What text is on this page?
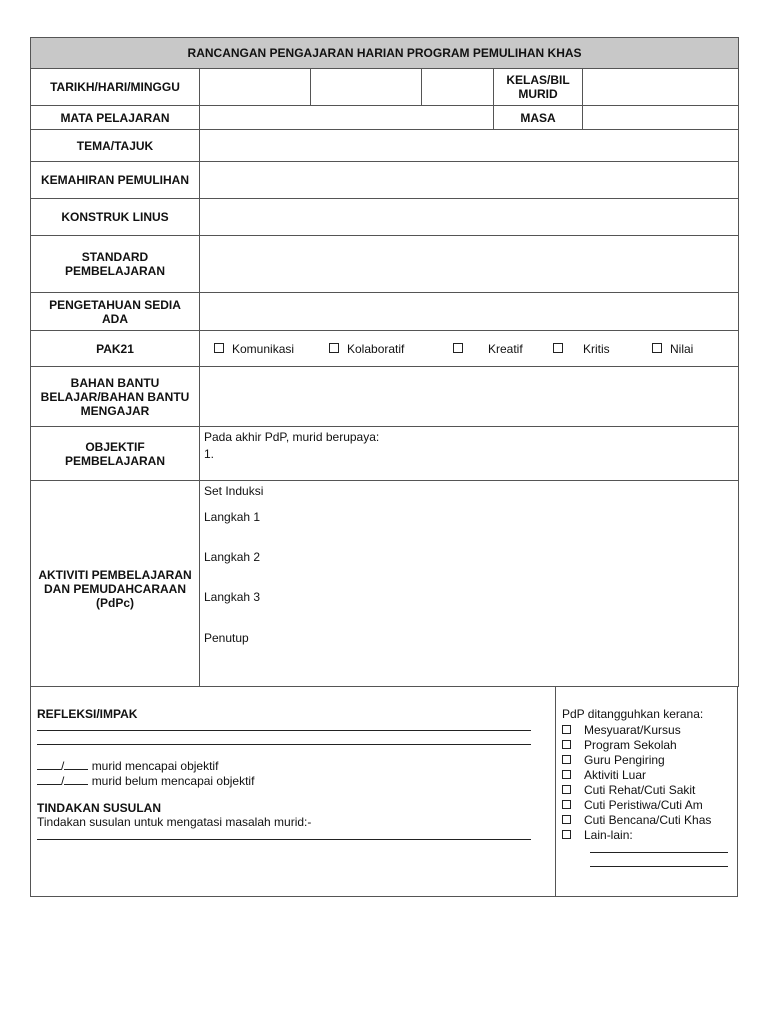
RANCANGAN PENGAJARAN HARIAN PROGRAM PEMULIHAN KHAS					
TARIKH/HARI/MINGGU				KELAS/BIL MURID	
MATA PELAJARAN				MASA	
TEMA/TAJUK					
KEMAHIRAN PEMULIHAN					
KONSTRUK LINUS					
STANDARD PEMBELAJARAN					
PENGETAHUAN SEDIA ADA					
PAK21	Komunikasi Kolaboratif Kreatif Kritis Nilai				

BAHAN BANTU BELAJAR/BAHAN BANTU MENGAJAR					
OBJEKTIF PEMBELAJARAN	Pada akhir PdP, murid berupaya:
1.				

AKTIVITI PEMBELAJARAN DAN PEMUDAHCARAAN (PdPc)	Set Induksi
Langkah 1
Langkah 2
Langkah 3
Penutup				
REFLEKSI/IMPAK
/ murid mencapai objektif
/ murid belum mencapai objektif
TINDAKAN SUSULAN
Tindakan susulan untuk mengatasi masalah murid:-
PdP ditangguhkan kerana:
Mesyuarat/Kursus
Program Sekolah
Guru Pengiring
Aktiviti Luar
Cuti Rehat/Cuti Sakit
Cuti Peristiwa/Cuti Am
Cuti Bencana/Cuti Khas
Lain-lain:
